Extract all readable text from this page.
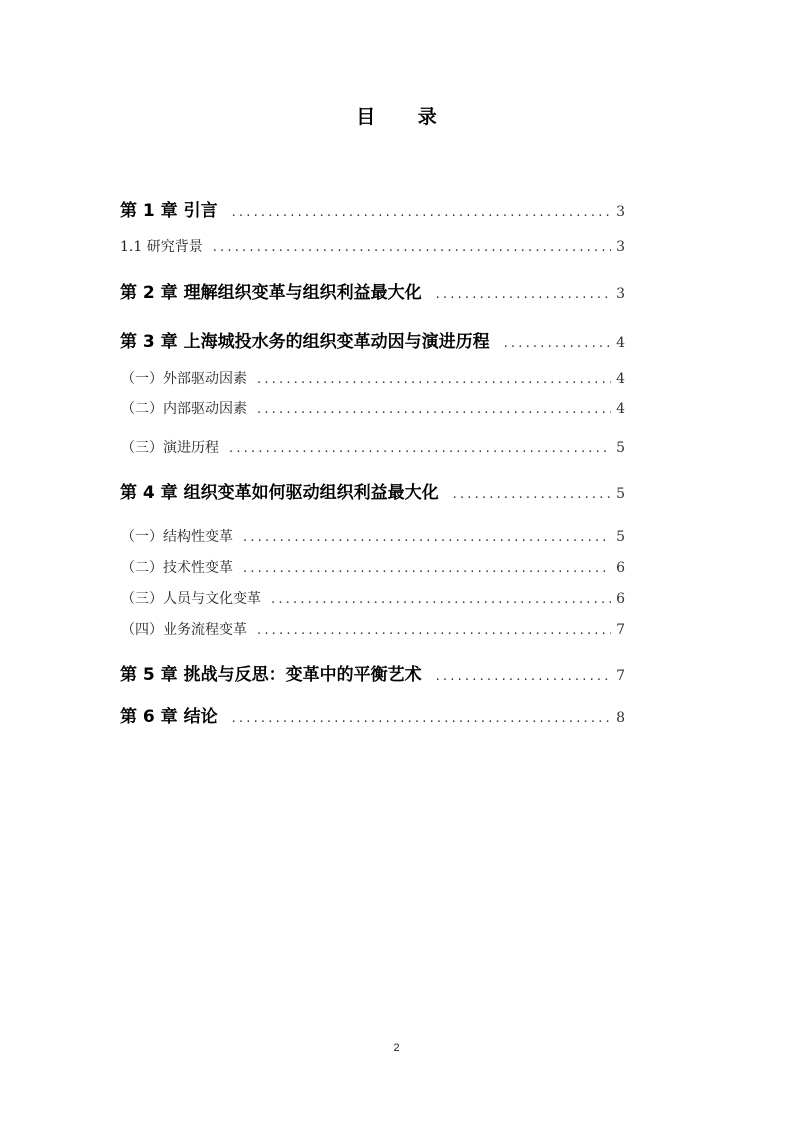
目 录
第 1 章 引言 .....	3
1.1 研究背景 .....	3
第 2 章 理解组织变革与组织利益最大化 .....	3
第 3 章 上海城投水务的组织变革动因与演进历程 .....	4
（一）外部驱动因素 .....	4
（二）内部驱动因素 .....	4
（三）演进历程 .....	5
第 4 章 组织变革如何驱动组织利益最大化 .....	5
（一）结构性变革 .....	5
（二）技术性变革 .....	6
（三）人员与文化变革 .....	6
（四）业务流程变革 .....	7
第 5 章 挑战与反思：变革中的平衡艺术 .....	7
第 6 章 结论 .....	8
2
